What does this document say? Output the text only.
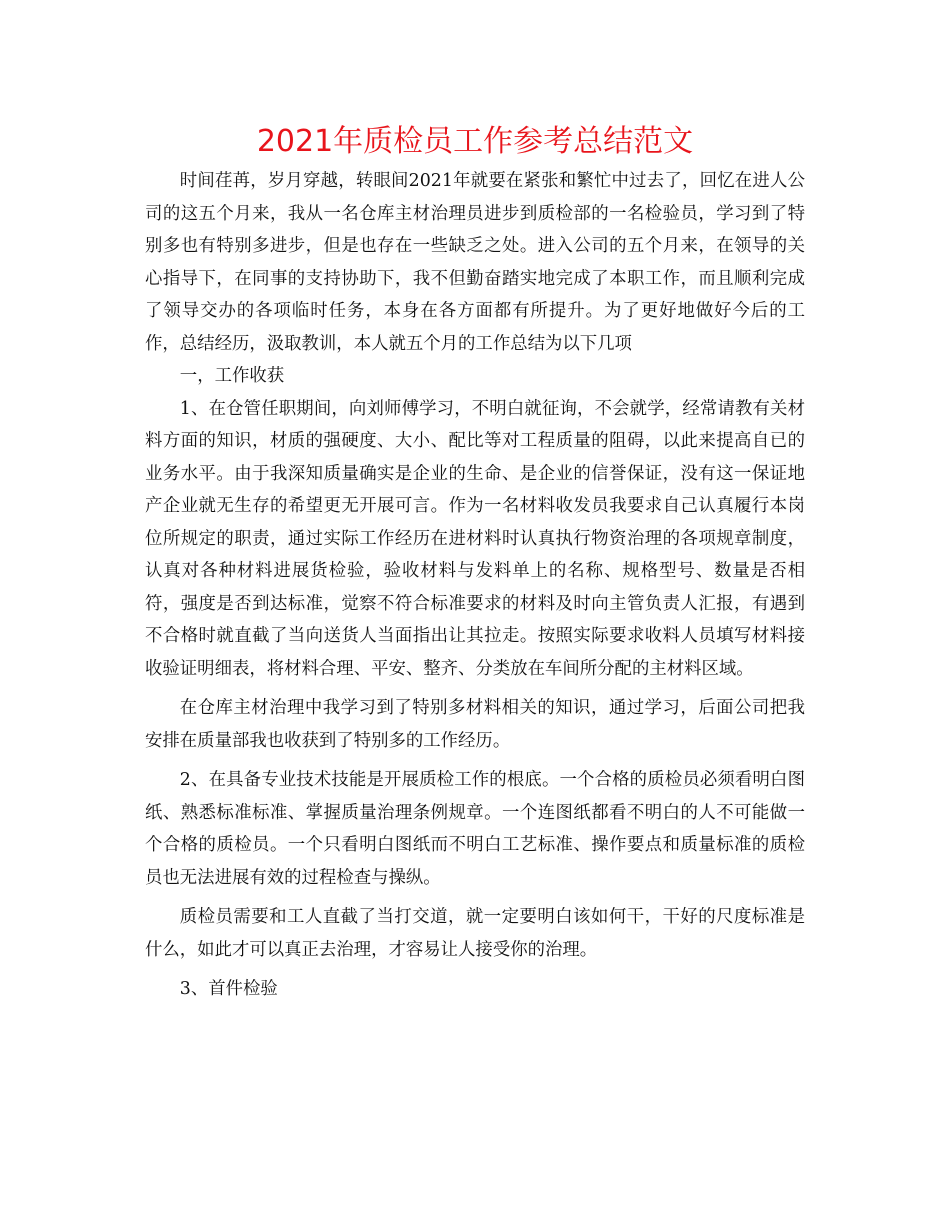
2021年质检员工作参考总结范文

时间荏苒，岁月穿越，转眼间2021年就要在紧张和繁忙中过去了，回忆在进人公司的这五个月来，我从一名仓库主材治理员进步到质检部的一名检验员，学习到了特别多也有特别多进步，但是也存在一些缺乏之处。进入公司的五个月来，在领导的关心指导下，在同事的支持协助下，我不但勤奋踏实地完成了本职工作，而且顺利完成了领导交办的各项临时任务，本身在各方面都有所提升。为了更好地做好今后的工作，总结经历，汲取教训，本人就五个月的工作总结为以下几项

一，工作收获

1、在仓管任职期间，向刘师傅学习，不明白就征询，不会就学，经常请教有关材料方面的知识，材质的强硬度、大小、配比等对工程质量的阻碍，以此来提高自已的业务水平。由于我深知质量确实是企业的生命、是企业的信誉保证，没有这一保证地产企业就无生存的希望更无开展可言。作为一名材料收发员我要求自己认真履行本岗位所规定的职责，通过实际工作经历在进材料时认真执行物资治理的各项规章制度，认真对各种材料进展货检验，验收材料与发料单上的名称、规格型号、数量是否相符，强度是否到达标准，觉察不符合标准要求的材料及时向主管负责人汇报，有遇到不合格时就直截了当向送货人当面指出让其拉走。按照实际要求收料人员填写材料接收验证明细表，将材料合理、平安、整齐、分类放在车间所分配的主材料区域。

在仓库主材治理中我学习到了特别多材料相关的知识，通过学习，后面公司把我安排在质量部我也收获到了特别多的工作经历。

2、在具备专业技术技能是开展质检工作的根底。一个合格的质检员必须看明白图纸、熟悉标准标准、掌握质量治理条例规章。一个连图纸都看不明白的人不可能做一个合格的质检员。一个只看明白图纸而不明白工艺标准、操作要点和质量标准的质检员也无法进展有效的过程检查与操纵。

质检员需要和工人直截了当打交道，就一定要明白该如何干，干好的尺度标准是什么，如此才可以真正去治理，才容易让人接受你的治理。

3、首件检验
